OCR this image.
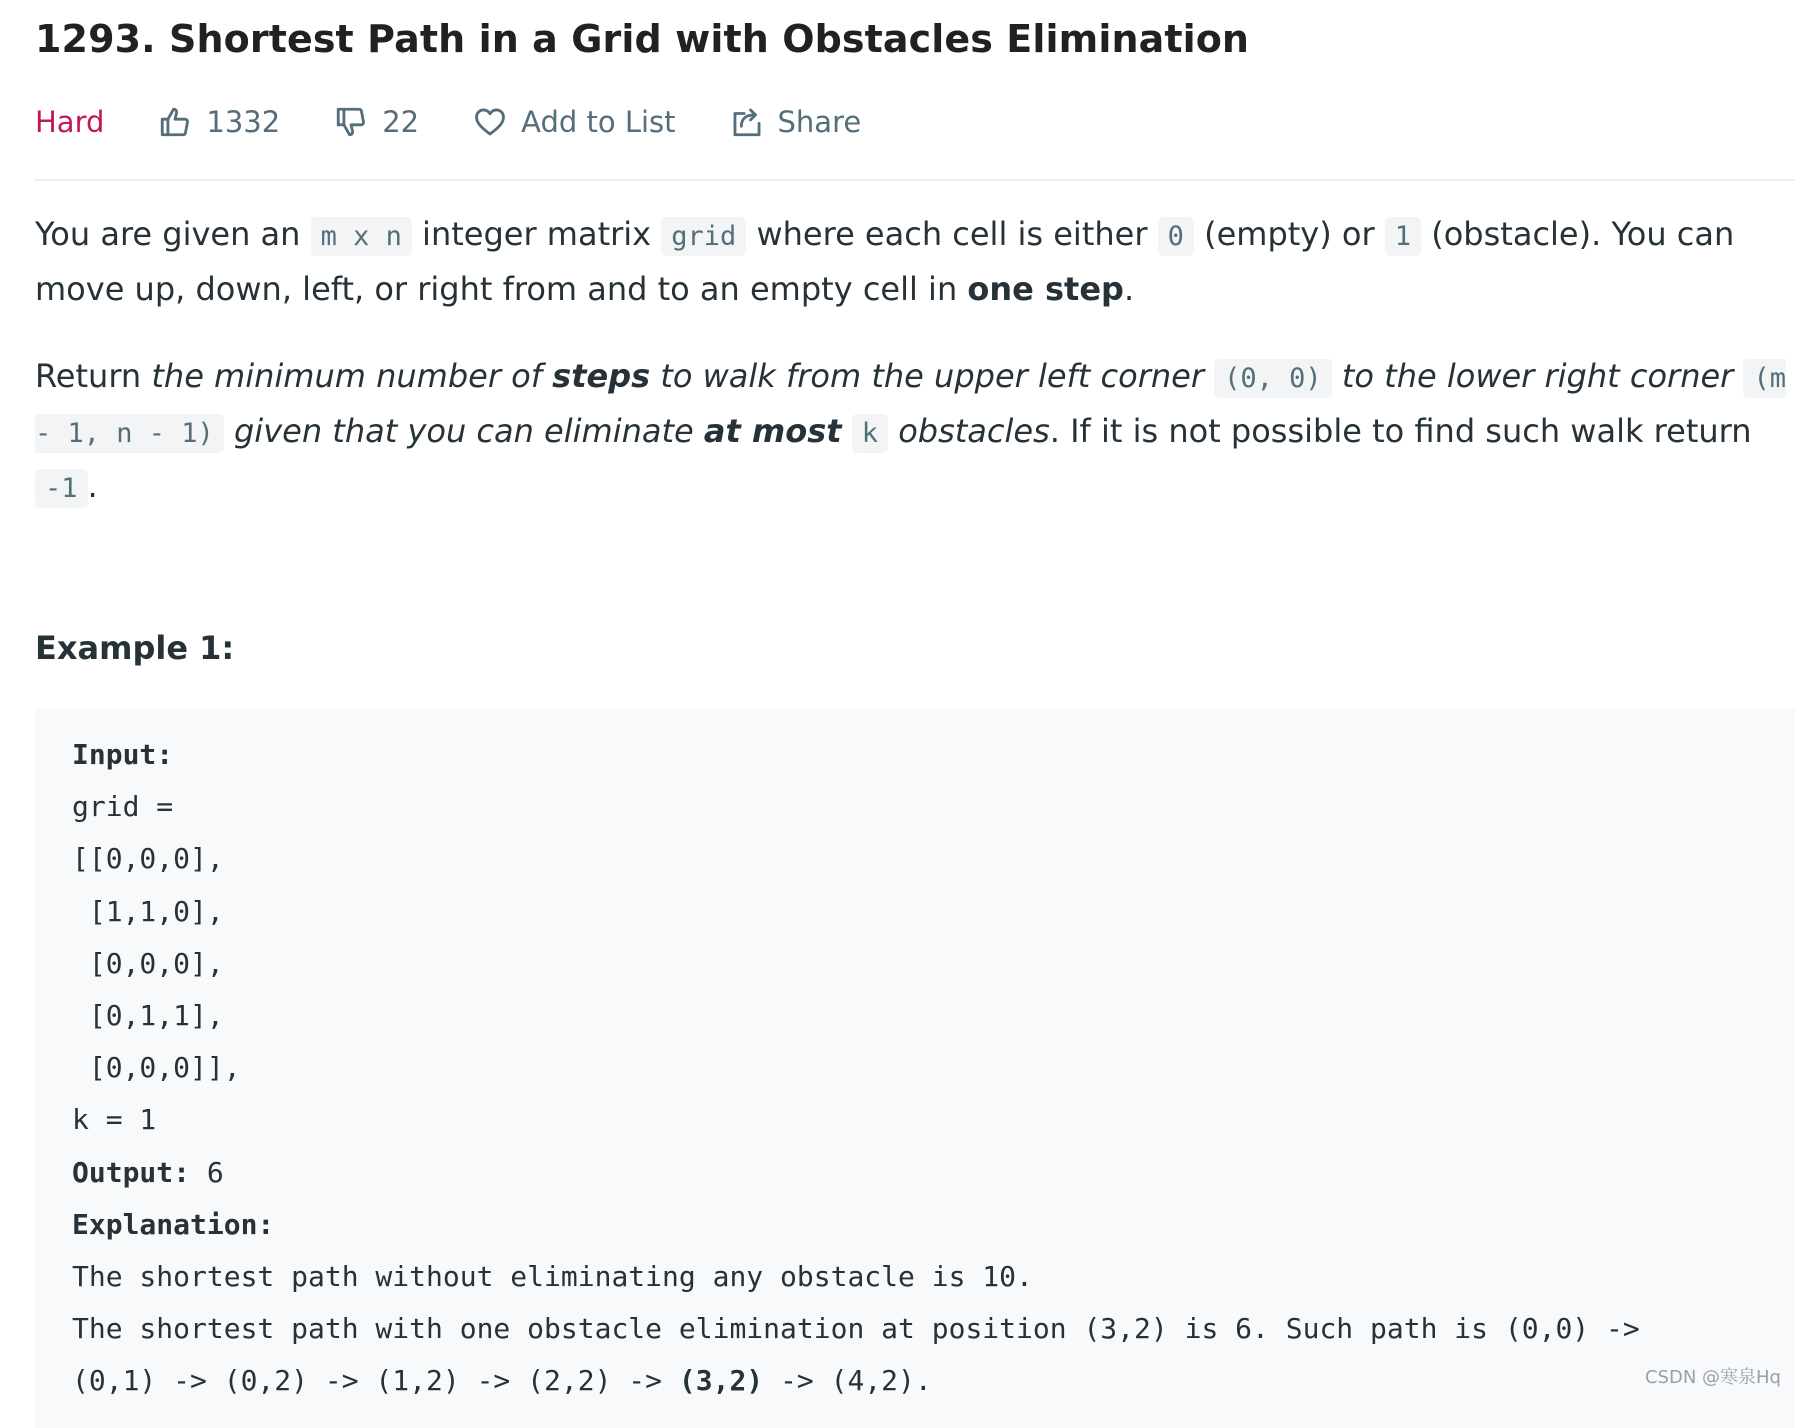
1293. Shortest Path in a Grid with Obstacles Elimination
Hard	1332	22	Add to List	Share

You are given an m x n integer matrix grid where each cell is either 0 (empty) or 1 (obstacle). You can move up, down, left, or right from and to an empty cell in one step.

Return the minimum number of steps to walk from the upper left corner (0, 0) to the lower right corner (m - 1, n - 1) given that you can eliminate at most k obstacles. If it is not possible to find such walk return -1 .

Example 1:

Input:
grid =
[[0,0,0],
[1,1,0],
[0,0,0],
[0,1,1],
[0,0,0]],
k = 1
Output: 6
Explanation:
The shortest path without eliminating any obstacle is 10.
The shortest path with one obstacle elimination at position (3,2) is 6. Such path is (0,0) ->
(0,1) -> (0,2) -> (1,2) -> (2,2) -> (3,2) -> (4,2).	CSDN @寒泉Hq
